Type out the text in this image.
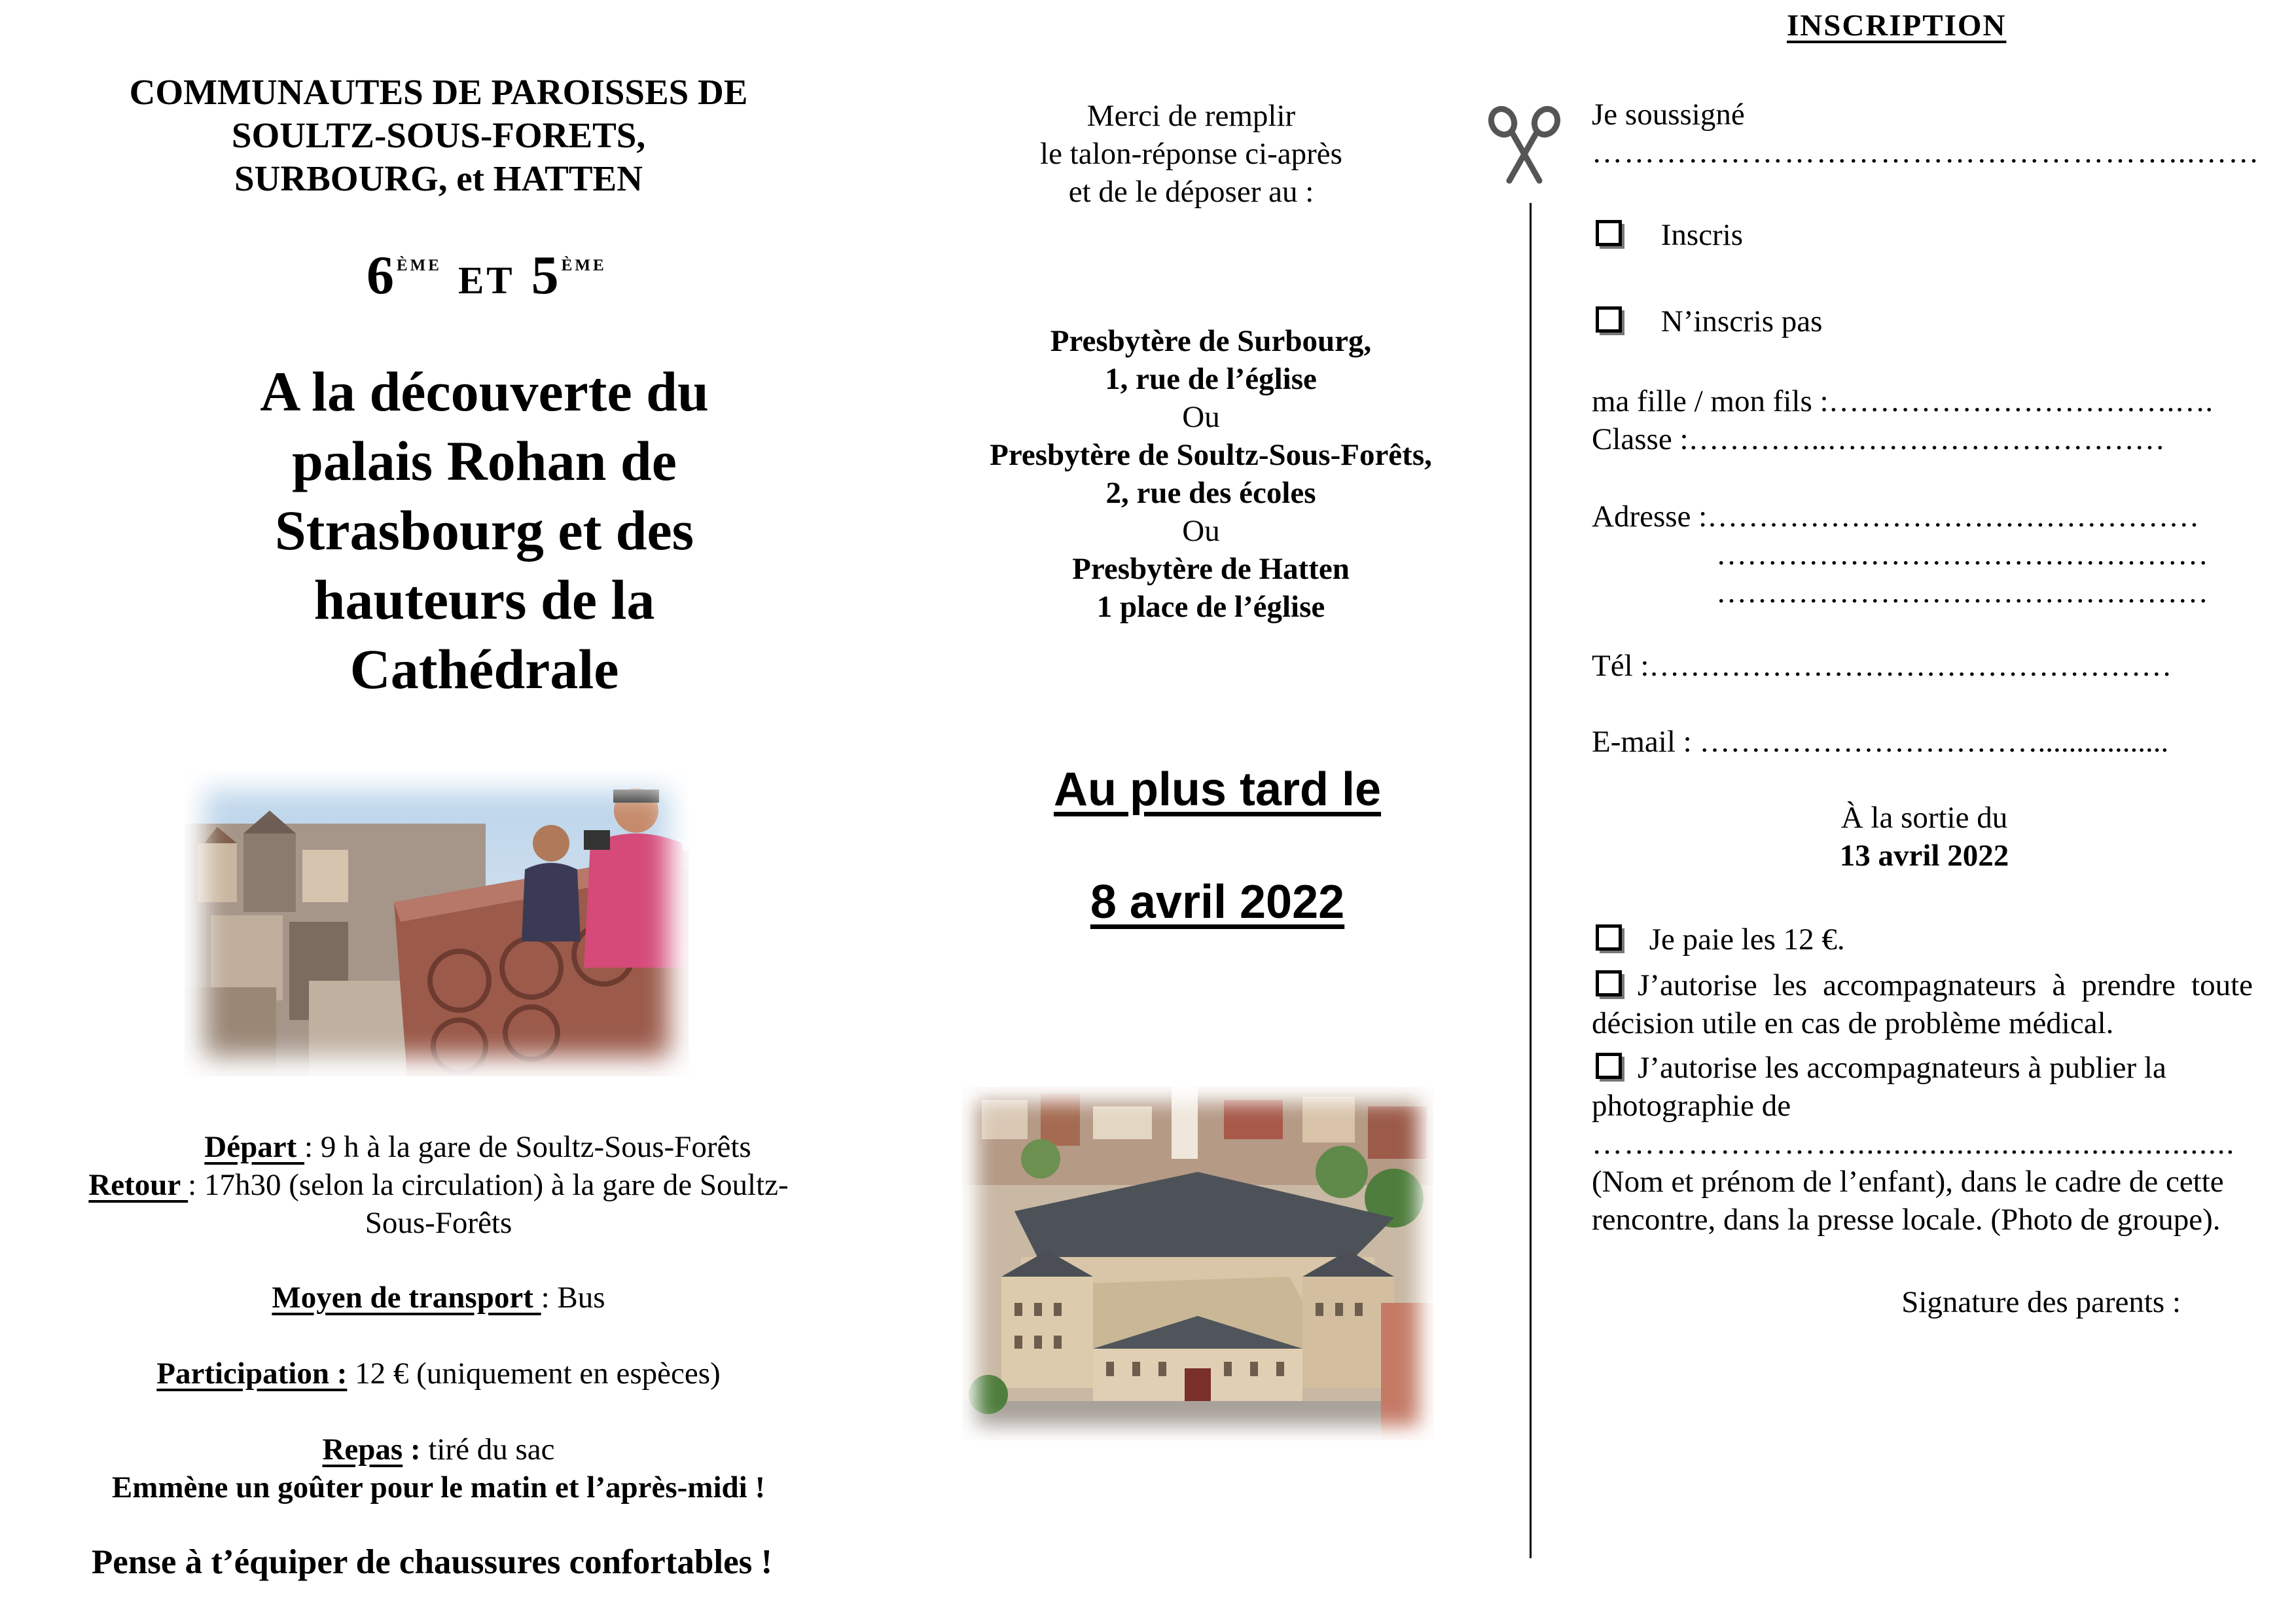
COMMUNAUTES DE PAROISSES DE
SOULTZ-SOUS-FORETS,
SURBOURG, et HATTEN
6ème et 5ème
A la découverte du
palais Rohan de
Strasbourg et des
hauteurs de la
Cathédrale
Départ : 9 h à la gare de Soultz-Sous-Forêts
Retour : 17h30 (selon la circulation) à la gare de Soultz-
Sous-Forêts
Moyen de transport : Bus
Participation : 12 € (uniquement en espèces)
Repas : tiré du sac
Emmène un goûter pour le matin et l’après-midi !
Pense à t’équiper de chaussures confortables !
Merci de remplir
le talon-réponse ci-après
et de le déposer au :
Presbytère de Surbourg,
1, rue de l’église
Ou
Presbytère de Soultz-Sous-Forêts,
2, rue des écoles
Ou
Presbytère de Hatten
1 place de l’église
Au plus tard le
8 avril 2022
INSCRIPTION
Je soussigné
………………………………………………...……
Inscris
N’inscris pas
ma fille / mon fils :…………………………….….
Classe :…………..……………………………
Adresse :…………………………………………
…………………………………………
…………………………………………
Tél :……………………………………………
E-mail : …………………………….................
À la sortie du
13 avril 2022
Je paie les 12 €.

J’autorise les accompagnateurs à prendre toute décision utile en cas de problème médical.

J’autorise les accompagnateurs à publier la photographie de

……………………...........................................

(Nom et prénom de l’enfant), dans le cadre de cette rencontre, dans la presse locale. (Photo de groupe).

Signature des parents :
